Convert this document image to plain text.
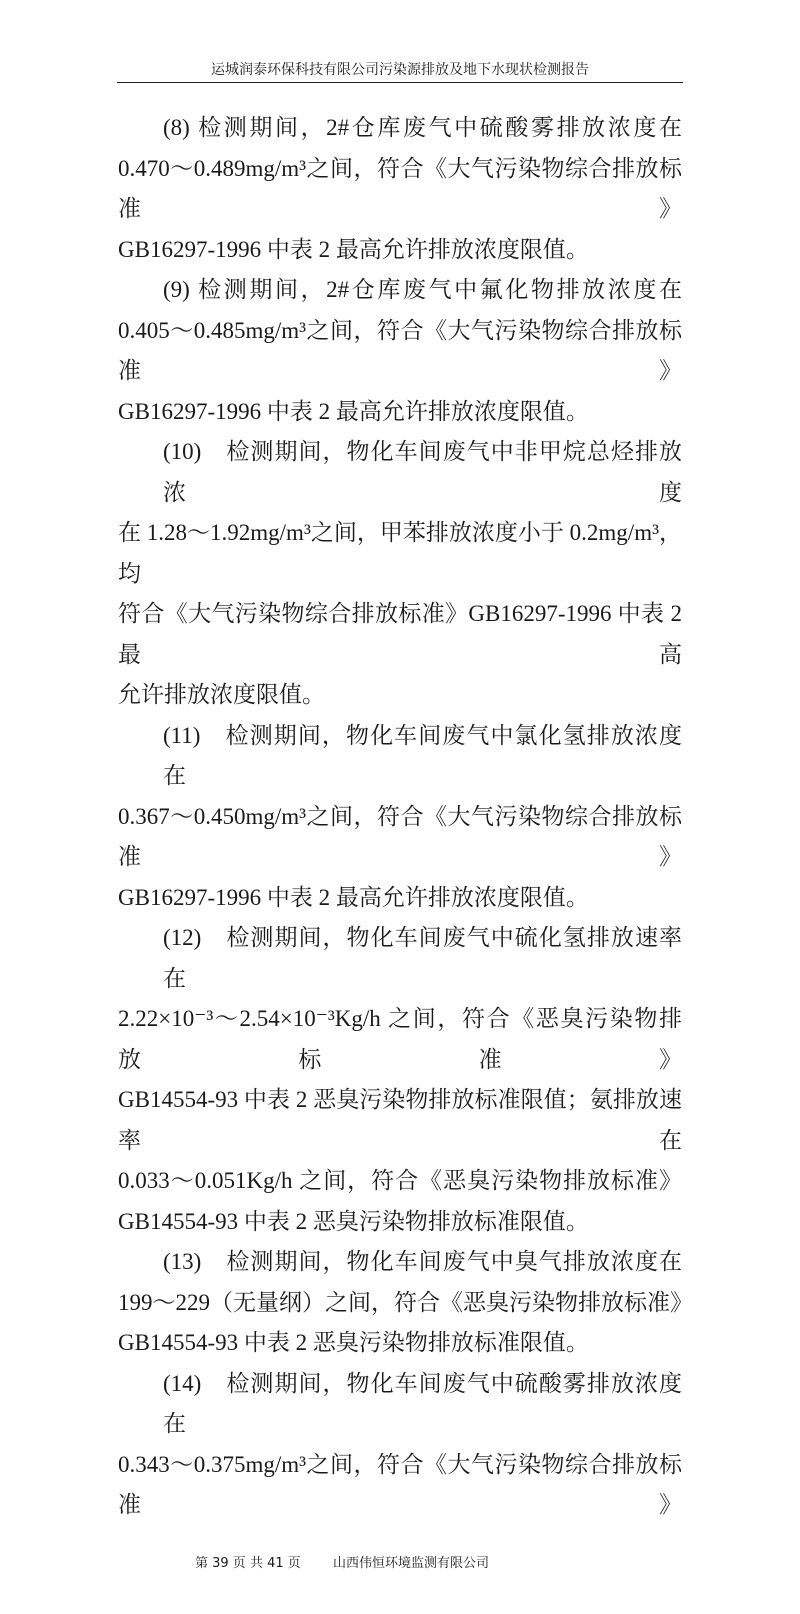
运城润泰环保科技有限公司污染源排放及地下水现状检测报告
(8) 检测期间，2#仓库废气中硫酸雾排放浓度在
0.470～0.489mg/m³之间，符合《大气污染物综合排放标准》
GB16297-1996 中表 2 最高允许排放浓度限值。
(9) 检测期间，2#仓库废气中氟化物排放浓度在
0.405～0.485mg/m³之间，符合《大气污染物综合排放标准》
GB16297-1996 中表 2 最高允许排放浓度限值。
(10)　检测期间，物化车间废气中非甲烷总烃排放浓度
在 1.28～1.92mg/m³之间，甲苯排放浓度小于 0.2mg/m³，均
符合《大气污染物综合排放标准》GB16297-1996 中表 2 最高
允许排放浓度限值。
(11)　检测期间，物化车间废气中氯化氢排放浓度在
0.367～0.450mg/m³之间，符合《大气污染物综合排放标准》
GB16297-1996 中表 2 最高允许排放浓度限值。
(12)　检测期间，物化车间废气中硫化氢排放速率在
2.22×10⁻³～2.54×10⁻³Kg/h 之间，符合《恶臭污染物排放标准》
GB14554-93 中表 2 恶臭污染物排放标准限值；氨排放速率在
0.033～0.051Kg/h 之间，符合《恶臭污染物排放标准》
GB14554-93 中表 2 恶臭污染物排放标准限值。
(13)　检测期间，物化车间废气中臭气排放浓度在
199～229（无量纲）之间，符合《恶臭污染物排放标准》
GB14554-93 中表 2 恶臭污染物排放标准限值。
(14)　检测期间，物化车间废气中硫酸雾排放浓度在
0.343～0.375mg/m³之间，符合《大气污染物综合排放标准》
第 39 页 共 41 页 山西伟恒环境监测有限公司
